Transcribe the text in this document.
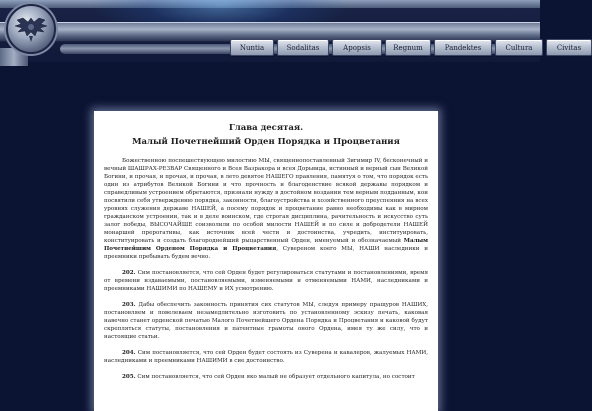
Nuntia	Sodalitas	Apopsis	Regnum	Pandektes	Cultura	Civitas
Глава десятая.
Малый Почетнейший Орден Порядка и Процветания

Божественною поспешествующею милостию МЫ, священнопоставленный Зигимир IV, бесконечный и вечный ШАШРАХ-РЕЗВАР Священного и Всея Вазракора и всея Дорьвида, истинный и верный сын Великой Богини, и прочая, и прочая, и прочая, в лето девятое НАШЕГО правления, памятуя о том, что порядок есть один из атрибутов Великой Богини и что прочность и благоденствие всякой державы порядком и справедливым устроением обретаются, признали нужду в достойном воздании тем верным подданным, кои посвятили себя утверждению порядка, законности, благоустройства и хозяйственного преуспеяния на всех уровнях служения державе НАШЕЙ, а посему порядок и процветание равно необходимы как в мирном гражданском устроении, так и в деле воинском, где строгая дисциплина, рачительность и искусство суть залог победы, ВЫСОЧАЙШЕ соизволили по особой милости НАШЕЙ и по силе и добродетели НАШЕЙ монаршей прерогативы, как источник всей чести и достоинства, учредить, институировать, конституировать и создать благороднейший рыцарственный Орден, именуемый и обозначаемый Малым Почетнейшим Орденом Порядка и Процветания, Сувереном коего МЫ, НАШИ наследники и преемники пребывать будем вечно.

202. Сим постановляется, что сей Орден будет регулироваться статутами и постановлениями, время от времени издаваемыми, постановляемыми, изменяемыми и отменяемыми НАМИ, наследниками и преемниками НАШИМИ по НАШЕМУ и ИХ усмотрению.

203. Дабы обеспечить законность принятия сих статутов МЫ, следуя примеру пращуров НАШИХ, постановляем и повелеваем незамедлительно изготовить по установленному эскизу печать, каковая навечно станет орденской печатью Малого Почетнейшего Ордена Порядка и Процветания и каковой будут скрепляться статуты, постановления и патентные грамоты оного Ордена, имея ту же силу, что и настоящие статьи.

204. Сим постановляется, что сей Орден будет состоять из Суверена и кавалеров, жалуемых НАМИ, наследниками и преемниками НАШИМИ в сие достоинство.

205. Сим постановляется, что сей Орден яко малый не образует отдельного капитула, но состоит
